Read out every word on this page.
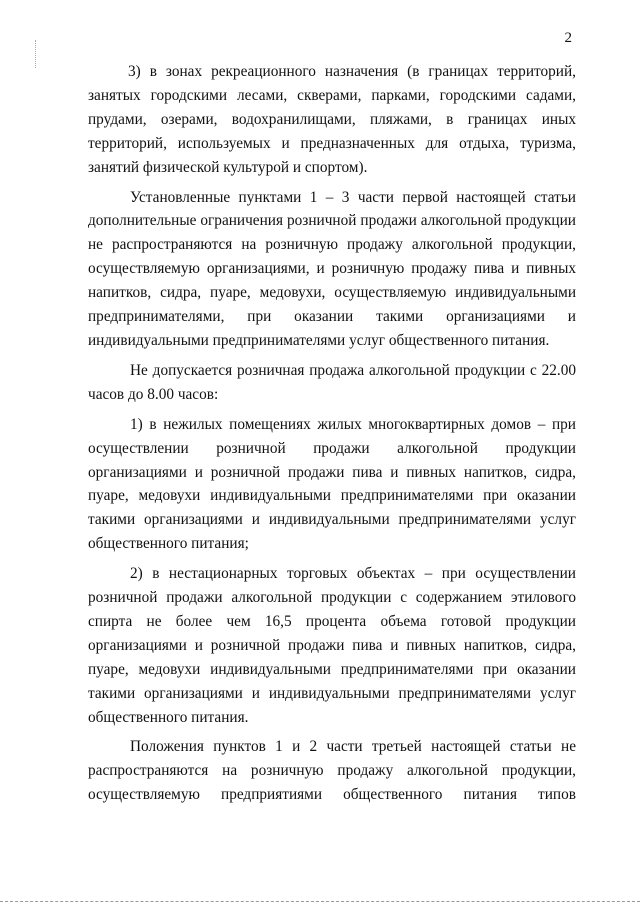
2

3) в зонах рекреационного назначения (в границах территорий,
занятых городскими лесами, скверами, парками, городскими садами,
прудами, озерами, водохранилищами, пляжами, в границах иных
территорий, используемых и предназначенных для отдыха, туризма,
занятий физической культурой и спортом).

Установленные пунктами 1 – 3 части первой настоящей статьи
дополнительные ограничения розничной продажи алкогольной продукции
не распространяются на розничную продажу алкогольной продукции,
осуществляемую организациями, и розничную продажу пива и пивных
напитков, сидра, пуаре, медовухи, осуществляемую индивидуальными
предпринимателями, при оказании такими организациями и
индивидуальными предпринимателями услуг общественного питания.

Не допускается розничная продажа алкогольной продукции с 22.00
часов до 8.00 часов:

1) в нежилых помещениях жилых многоквартирных домов – при
осуществлении розничной продажи алкогольной продукции
организациями и розничной продажи пива и пивных напитков, сидра,
пуаре, медовухи индивидуальными предпринимателями при оказании
такими организациями и индивидуальными предпринимателями услуг
общественного питания;

2) в нестационарных торговых объектах – при осуществлении
розничной продажи алкогольной продукции с содержанием этилового
спирта не более чем 16,5 процента объема готовой продукции
организациями и розничной продажи пива и пивных напитков, сидра,
пуаре, медовухи индивидуальными предпринимателями при оказании
такими организациями и индивидуальными предпринимателями услуг
общественного питания.

Положения пунктов 1 и 2 части третьей настоящей статьи не
распространяются на розничную продажу алкогольной продукции,
осуществляемую предприятиями общественного питания типов
